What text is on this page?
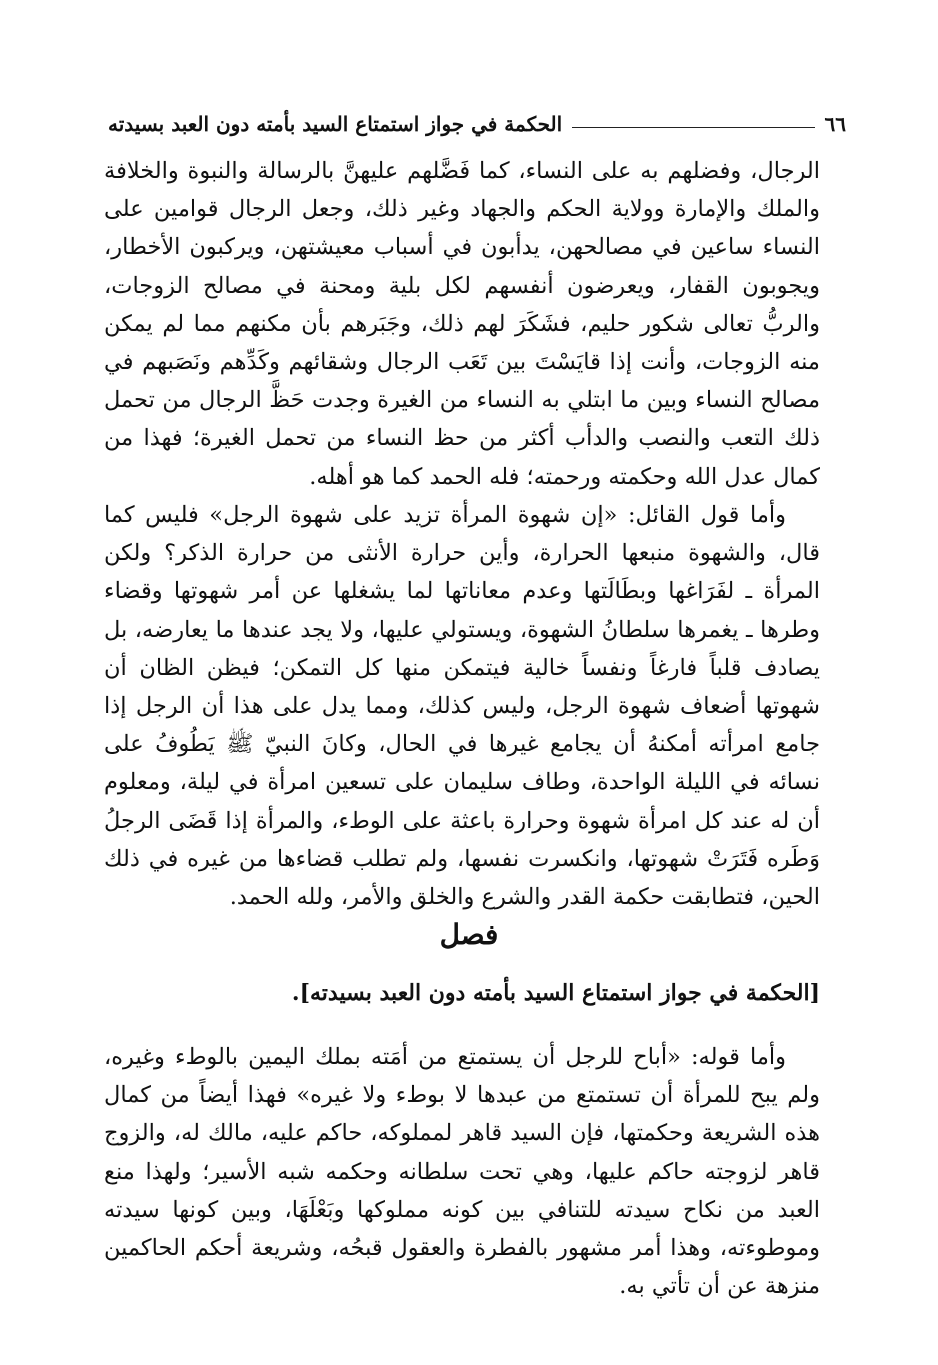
٦٦
الحكمة في جواز استمتاع السيد بأمته دون العبد بسيدته

الرجال، وفضلهم به على النساء، كما فَضَّلهم عليهنَّ بالرسالة والنبوة والخلافة والملك والإمارة وولاية الحكم والجهاد وغير ذلك، وجعل الرجال قوامين على النساء ساعين في مصالحهن، يدأبون في أسباب معيشتهن، ويركبون الأخطار، ويجوبون القفار، ويعرضون أنفسهم لكل بلية ومحنة في مصالح الزوجات، والربُّ تعالى شكور حليم، فشَكَرَ لهم ذلك، وجَبَرهم بأن مكنهم مما لم يمكن منه الزوجات، وأنت إذا قايَسْتَ بين تَعَب الرجال وشقائهم وكَدِّهم ونَصَبهم في مصالح النساء وبين ما ابتلي به النساء من الغيرة وجدت حَظَّ الرجال من تحمل ذلك التعب والنصب والدأب أكثر من حظ النساء من تحمل الغيرة؛ فهذا من كمال عدل الله وحكمته ورحمته؛ فله الحمد كما هو أهله.

وأما قول القائل: «إن شهوة المرأة تزيد على شهوة الرجل» فليس كما قال، والشهوة منبعها الحرارة، وأين حرارة الأنثى من حرارة الذكر؟ ولكن المرأة ـ لفَرَاغها وبطَالَتها وعدم معاناتها لما يشغلها عن أمر شهوتها وقضاء وطرها ـ يغمرها سلطانُ الشهوة، ويستولي عليها، ولا يجد عندها ما يعارضه، بل يصادف قلباً فارغاً ونفساً خالية فيتمكن منها كل التمكن؛ فيظن الظان أن شهوتها أضعاف شهوة الرجل، وليس كذلك، ومما يدل على هذا أن الرجل إذا جامع امرأته أمكنهُ أن يجامع غيرها في الحال، وكانَ النبيّ ﷺ يَطُوفُ على نسائه في الليلة الواحدة، وطاف سليمان على تسعين امرأة في ليلة، ومعلوم أن له عند كل امرأة شهوة وحرارة باعثة على الوطء، والمرأة إذا قَضَى الرجلُ وَطَره فَتَرَتْ شهوتها، وانكسرت نفسها، ولم تطلب قضاءها من غيره في ذلك الحين، فتطابقت حكمة القدر والشرع والخلق والأمر، ولله الحمد.

فصل
[الحكمة في جواز استمتاع السيد بأمته دون العبد بسيدته].

وأما قوله: «أباح للرجل أن يستمتع من أمَته بملك اليمين بالوطء وغيره، ولم يبح للمرأة أن تستمتع من عبدها لا بوطء ولا غيره» فهذا أيضاً من كمال هذه الشريعة وحكمتها، فإن السيد قاهر لمملوكه، حاكم عليه، مالك له، والزوج قاهر لزوجته حاكم عليها، وهي تحت سلطانه وحكمه شبه الأسير؛ ولهذا منع العبد من نكاح سيدته للتنافي بين كونه مملوكها وبَعْلَهَا، وبين كونها سيدته وموطوءته، وهذا أمر مشهور بالفطرة والعقول قبحُه، وشريعة أحكم الحاكمين منزهة عن أن تأتي به.
